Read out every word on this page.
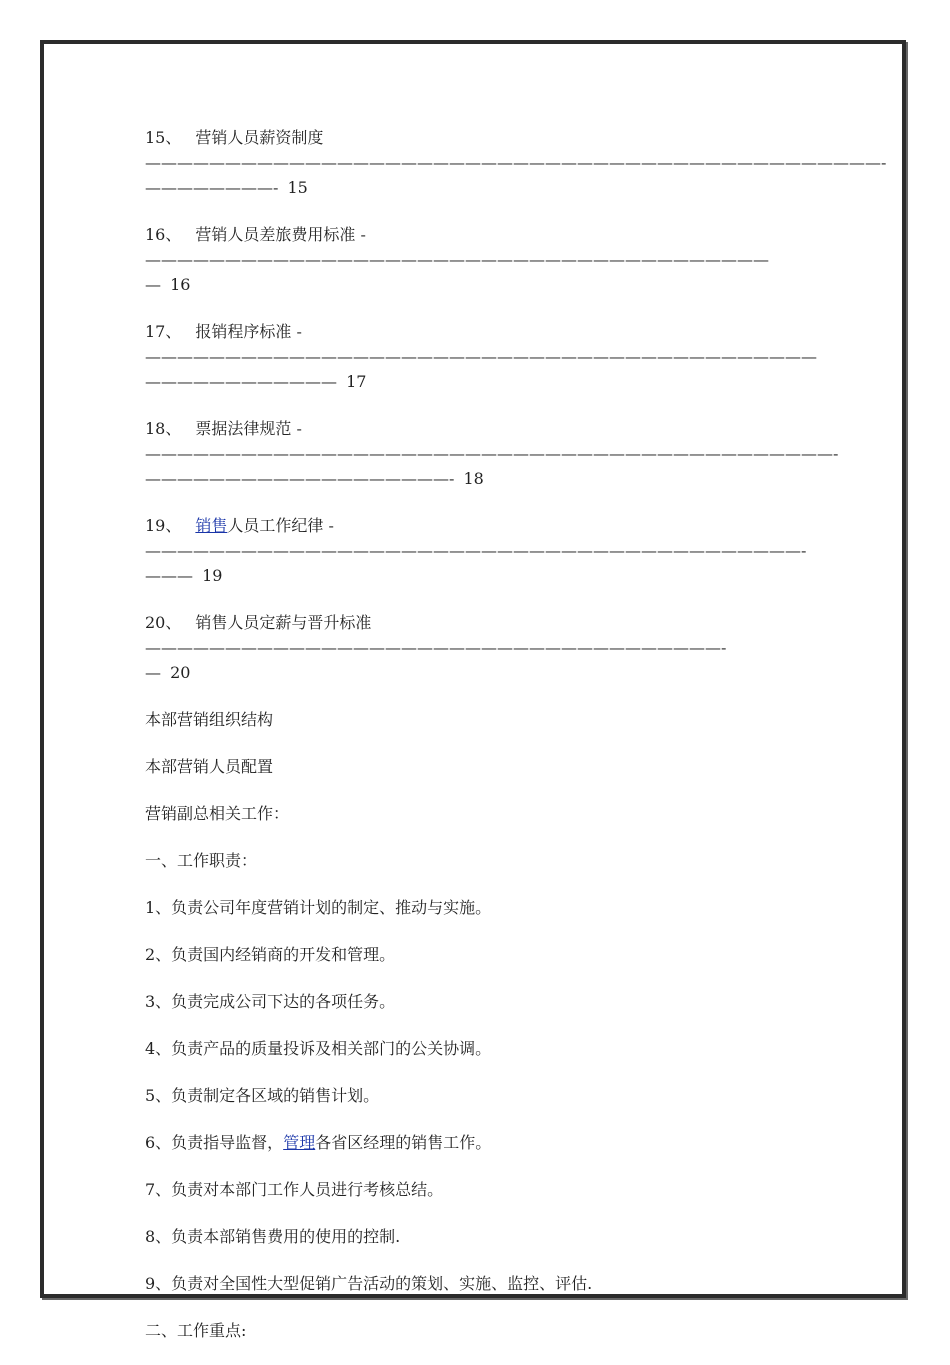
15、 营销人员薪资制度 ——————————————————————————————————————————————-
————————- 15
16、 营销人员差旅费用标准 -———————————————————————————————————————
— 16
17、 报销程序标准 -——————————————————————————————————————————
———————————— 17
18、 票据法律规范 -———————————————————————————————————————————-
———————————————————- 18
19、 销售人员工作纪律 -—————————————————————————————————————————-
——— 19
20、 销售人员定薪与晋升标准 ————————————————————————————————————-
— 20

本部营销组织结构

本部营销人员配置

营销副总相关工作：

一、工作职责：

1、负责公司年度营销计划的制定、推动与实施。

2、负责国内经销商的开发和管理。

3、负责完成公司下达的各项任务。

4、负责产品的质量投诉及相关部门的公关协调。

5、负责制定各区域的销售计划。

6、负责指导监督，管理各省区经理的销售工作。

7、负责对本部门工作人员进行考核总结。

8、负责本部销售费用的使用的控制.

9、负责对全国性大型促销广告活动的策划、实施、监控、评估.

二、工作重点:
